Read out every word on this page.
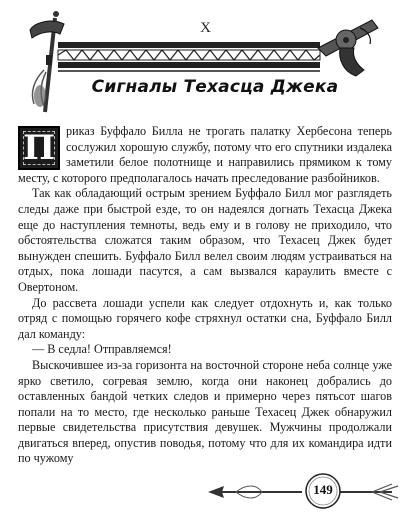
X
Сигналы Техасца Джека

П риказ Буффало Билла не трогать палатку Хербесона теперь сослужил хорошую службу, потому что его спутники издалека заметили белое полотнище и направились прямиком к тому месту, с которого предполагалось начать преследование разбойников.

Так как обладающий острым зрением Буффало Билл мог разглядеть следы даже при быстрой езде, то он надеялся догнать Техасца Джека еще до наступления темноты, ведь ему и в голову не приходило, что обстоятельства сложатся таким образом, что Техасец Джек будет вынужден спешить. Буффало Билл велел своим людям устраиваться на отдых, пока лошади пасутся, а сам вызвался караулить вместе с Овертоном.

До рассвета лошади успели как следует отдохнуть и, как только отряд с помощью горячего кофе стряхнул остатки сна, Буффало Билл дал команду:

— В седла! Отправляемся!

Выскочившее из-за горизонта на восточной стороне неба солнце уже ярко светило, согревая землю, когда они наконец добрались до оставленных бандой четких следов и примерно через пятьсот шагов попали на то место, где несколько раньше Техасец Джек обнаружил первые свидетельства присутствия девушек. Мужчины продолжали двигаться вперед, опустив поводья, потому что для их командира идти по чужому

149
